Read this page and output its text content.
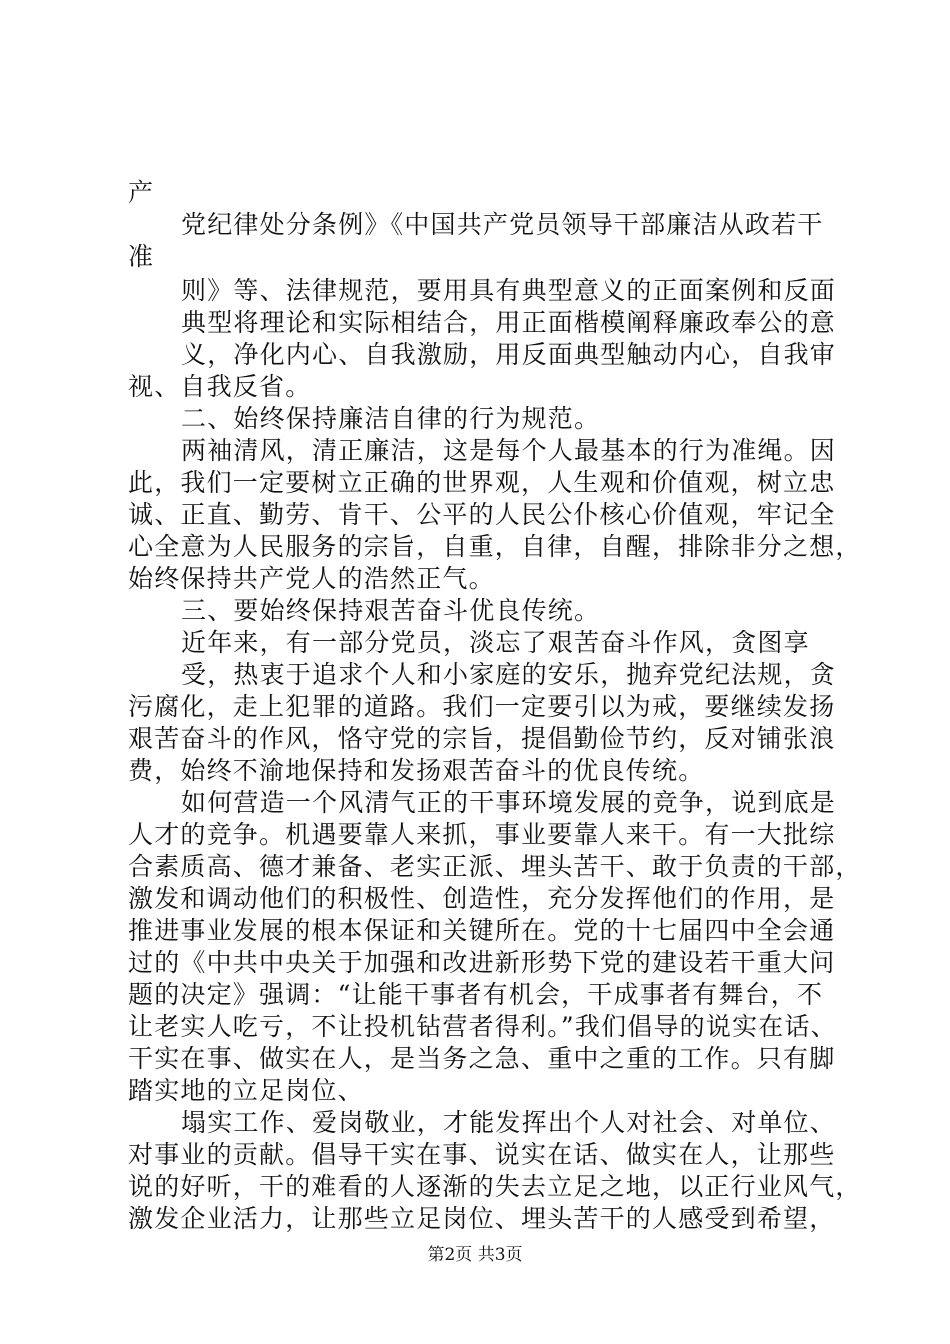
产
党纪律处分条例》《中国共产党员领导干部廉洁从政若干
准
则》等、法律规范，要用具有典型意义的正面案例和反面
典型将理论和实际相结合，用正面楷模阐释廉政奉公的意
义，净化内心、自我激励，用反面典型触动内心，自我审
视、自我反省。
二、始终保持廉洁自律的行为规范。
两袖清风，清正廉洁，这是每个人最基本的行为准绳。因
此，我们一定要树立正确的世界观，人生观和价值观，树立忠
诚、正直、勤劳、肯干、公平的人民公仆核心价值观，牢记全
心全意为人民服务的宗旨，自重，自律，自醒，排除非分之想，
始终保持共产党人的浩然正气。
三、要始终保持艰苦奋斗优良传统。
近年来，有一部分党员，淡忘了艰苦奋斗作风，贪图享
受，热衷于追求个人和小家庭的安乐，抛弃党纪法规，贪
污腐化，走上犯罪的道路。我们一定要引以为戒，要继续发扬
艰苦奋斗的作风，恪守党的宗旨，提倡勤俭节约，反对铺张浪
费，始终不渝地保持和发扬艰苦奋斗的优良传统。
如何营造一个风清气正的干事环境发展的竞争，说到底是
人才的竞争。机遇要靠人来抓，事业要靠人来干。有一大批综
合素质高、德才兼备、老实正派、埋头苦干、敢于负责的干部，
激发和调动他们的积极性、创造性，充分发挥他们的作用，是
推进事业发展的根本保证和关键所在。党的十七届四中全会通
过的《中共中央关于加强和改进新形势下党的建设若干重大问
题的决定》强调：“让能干事者有机会，干成事者有舞台，不
让老实人吃亏，不让投机钻营者得利。”我们倡导的说实在话、
干实在事、做实在人，是当务之急、重中之重的工作。只有脚
踏实地的立足岗位、
塌实工作、爱岗敬业，才能发挥出个人对社会、对单位、
对事业的贡献。倡导干实在事、说实在话、做实在人，让那些
说的好听，干的难看的人逐渐的失去立足之地，以正行业风气，
激发企业活力，让那些立足岗位、埋头苦干的人感受到希望，
第2页 共3页
